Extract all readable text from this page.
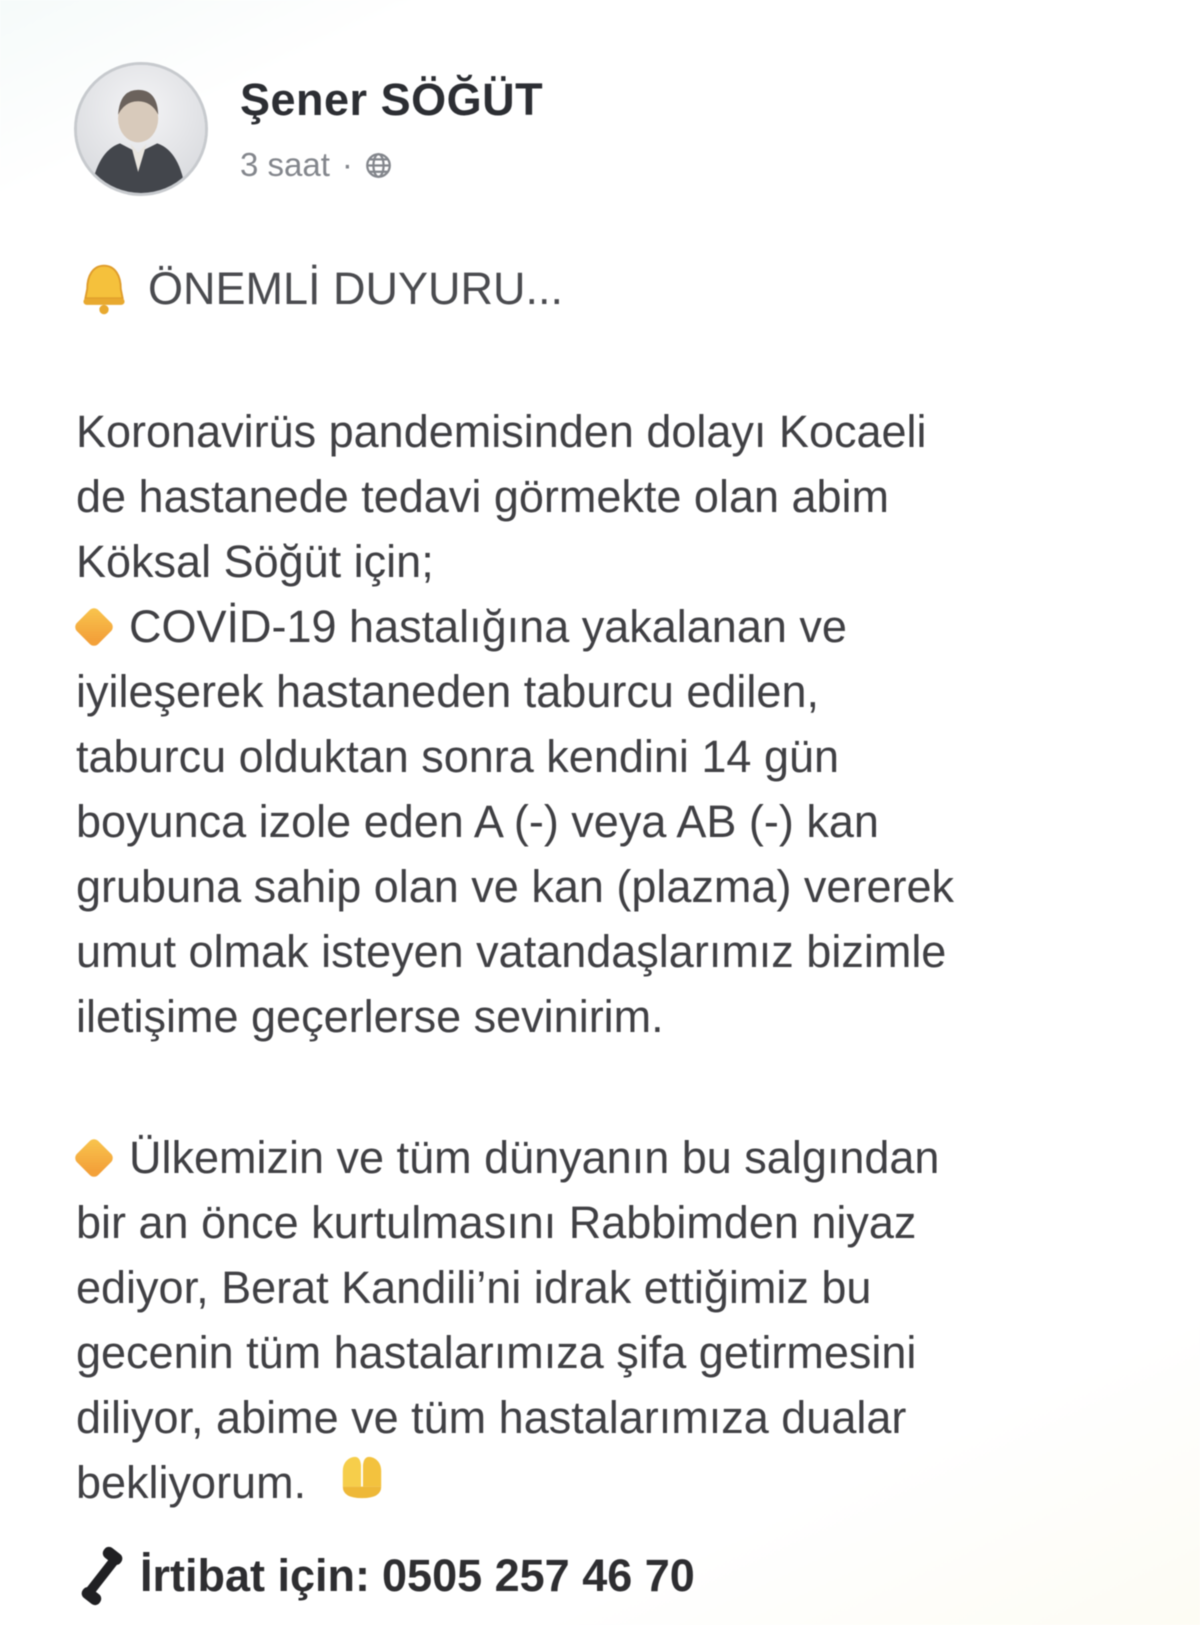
Şener SÖĞÜT
3 saat ·
ÖNEMLİ DUYURU...
Koronavirüs pandemisinden dolayı Kocaeli
de hastanede tedavi görmekte olan abim
Köksal Söğüt için;
COVİD-19 hastalığına yakalanan ve
iyileşerek hastaneden taburcu edilen,
taburcu olduktan sonra kendini 14 gün
boyunca izole eden A (-) veya AB (-) kan
grubuna sahip olan ve kan (plazma) vererek
umut olmak isteyen vatandaşlarımız bizimle
iletişime geçerlerse sevinirim.
Ülkemizin ve tüm dünyanın bu salgından
bir an önce kurtulmasını Rabbimden niyaz
ediyor, Berat Kandili’ni idrak ettiğimiz bu
gecenin tüm hastalarımıza şifa getirmesini
diliyor, abime ve tüm hastalarımıza dualar
bekliyorum.
İrtibat için: 0505 257 46 70
